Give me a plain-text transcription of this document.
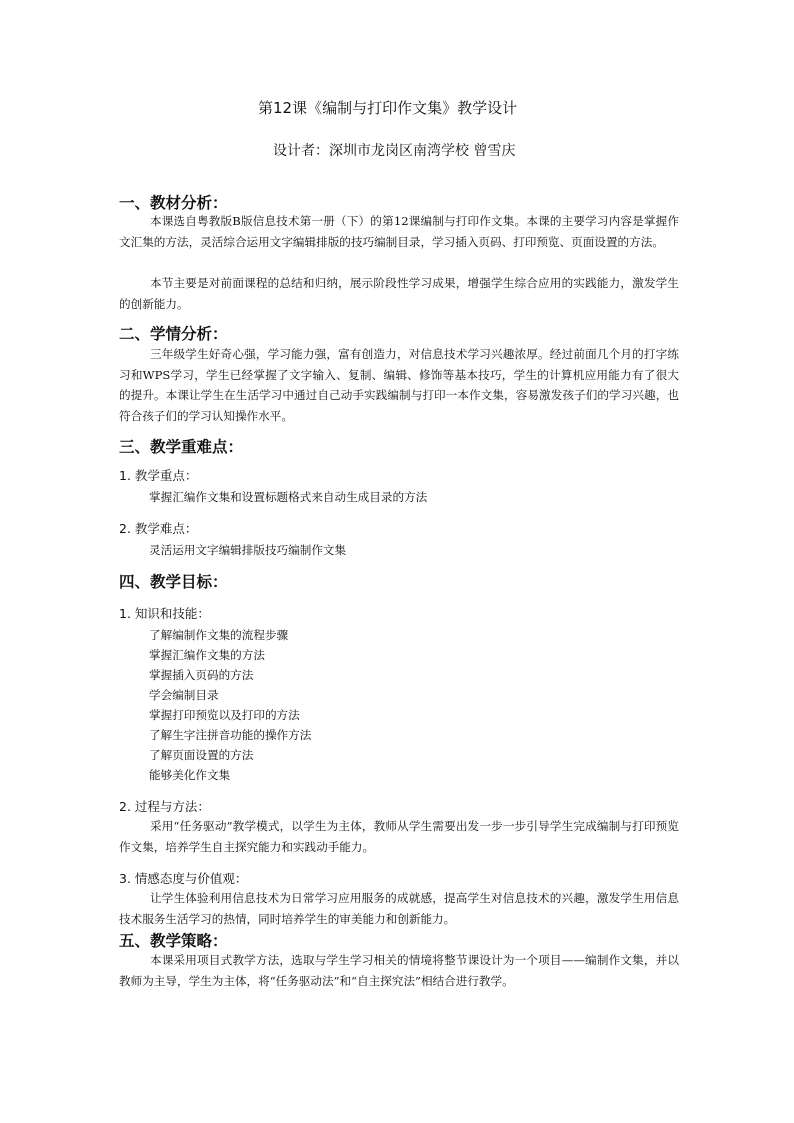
第12课《编制与打印作文集》教学设计
设计者：深圳市龙岗区南湾学校 曾雪庆
一、教材分析：
本课选自粤教版B版信息技术第一册（下）的第12课编制与打印作文集。本课的主要学习内容是掌握作文汇集的方法，灵活综合运用文字编辑排版的技巧编制目录，学习插入页码、打印预览、页面设置的方法。
本节主要是对前面课程的总结和归纳，展示阶段性学习成果，增强学生综合应用的实践能力，激发学生的创新能力。
二、学情分析：
三年级学生好奇心强，学习能力强，富有创造力，对信息技术学习兴趣浓厚。经过前面几个月的打字练习和WPS学习，学生已经掌握了文字输入、复制、编辑、修饰等基本技巧，学生的计算机应用能力有了很大的提升。本课让学生在生活学习中通过自己动手实践编制与打印一本作文集，容易激发孩子们的学习兴趣，也符合孩子们的学习认知操作水平。
三、教学重难点：
1. 教学重点：
掌握汇编作文集和设置标题格式来自动生成目录的方法
2. 教学难点：
灵活运用文字编辑排版技巧编制作文集
四、教学目标：
1. 知识和技能：
了解编制作文集的流程步骤
掌握汇编作文集的方法
掌握插入页码的方法
学会编制目录
掌握打印预览以及打印的方法
了解生字注拼音功能的操作方法
了解页面设置的方法
能够美化作文集
2. 过程与方法：
采用“任务驱动”教学模式，以学生为主体，教师从学生需要出发一步一步引导学生完成编制与打印预览作文集，培养学生自主探究能力和实践动手能力。
3. 情感态度与价值观：
让学生体验利用信息技术为日常学习应用服务的成就感，提高学生对信息技术的兴趣，激发学生用信息技术服务生活学习的热情，同时培养学生的审美能力和创新能力。
五、教学策略：
本课采用项目式教学方法，选取与学生学习相关的情境将整节课设计为一个项目——编制作文集，并以教师为主导，学生为主体，将“任务驱动法”和“自主探究法”相结合进行教学。
